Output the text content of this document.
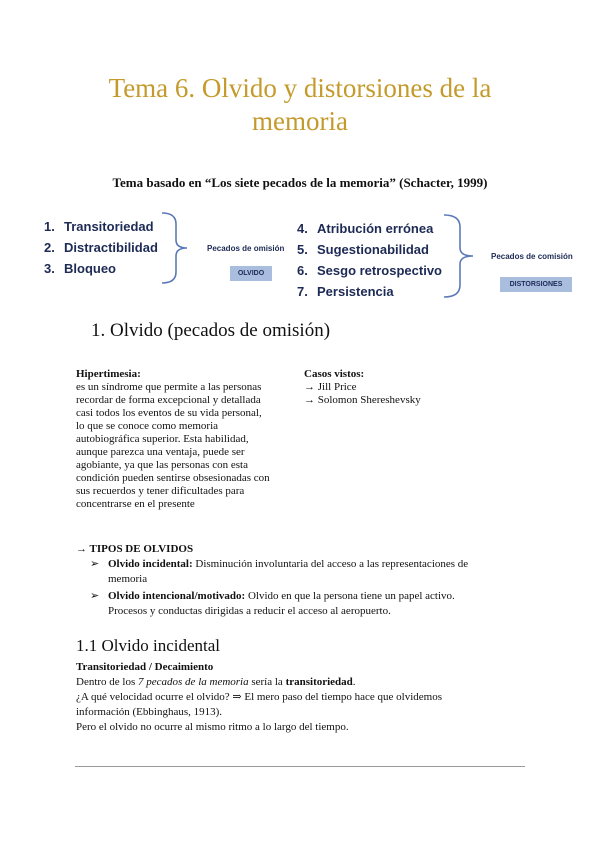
Tema 6. Olvido y distorsiones de la
memoria
Tema basado en “Los siete pecados de la memoria” (Schacter, 1999)
1. Transitoriedad
2. Distractibilidad
3. Bloqueo
Pecados de omisión
OLVIDO
4. Atribución errónea
5. Sugestionabilidad
6. Sesgo retrospectivo
7. Persistencia
Pecados de comisión
DISTORSIONES
1. Olvido (pecados de omisión)
Hipertimesia:
es un síndrome que permite a las personas
recordar de forma excepcional y detallada
casi todos los eventos de su vida personal,
lo que se conoce como memoria
autobiográfica superior. Esta habilidad,
aunque parezca una ventaja, puede ser
agobiante, ya que las personas con esta
condición pueden sentirse obsesionadas con
sus recuerdos y tener dificultades para
concentrarse en el presente
Casos vistos:
→ Jill Price
→ Solomon Shereshevsky
→ TIPOS DE OLVIDOS
➢ Olvido incidental: Disminución involuntaria del acceso a las representaciones de
memoria
➢ Olvido intencional/motivado: Olvido en que la persona tiene un papel activo.
Procesos y conductas dirigidas a reducir el acceso al aeropuerto.
1.1 Olvido incidental
Transitoriedad / Decaimiento
Dentro de los 7 pecados de la memoria sería la transitoriedad.
¿A qué velocidad ocurre el olvido? ⇒ El mero paso del tiempo hace que olvidemos
información (Ebbinghaus, 1913).
Pero el olvido no ocurre al mismo ritmo a lo largo del tiempo.
